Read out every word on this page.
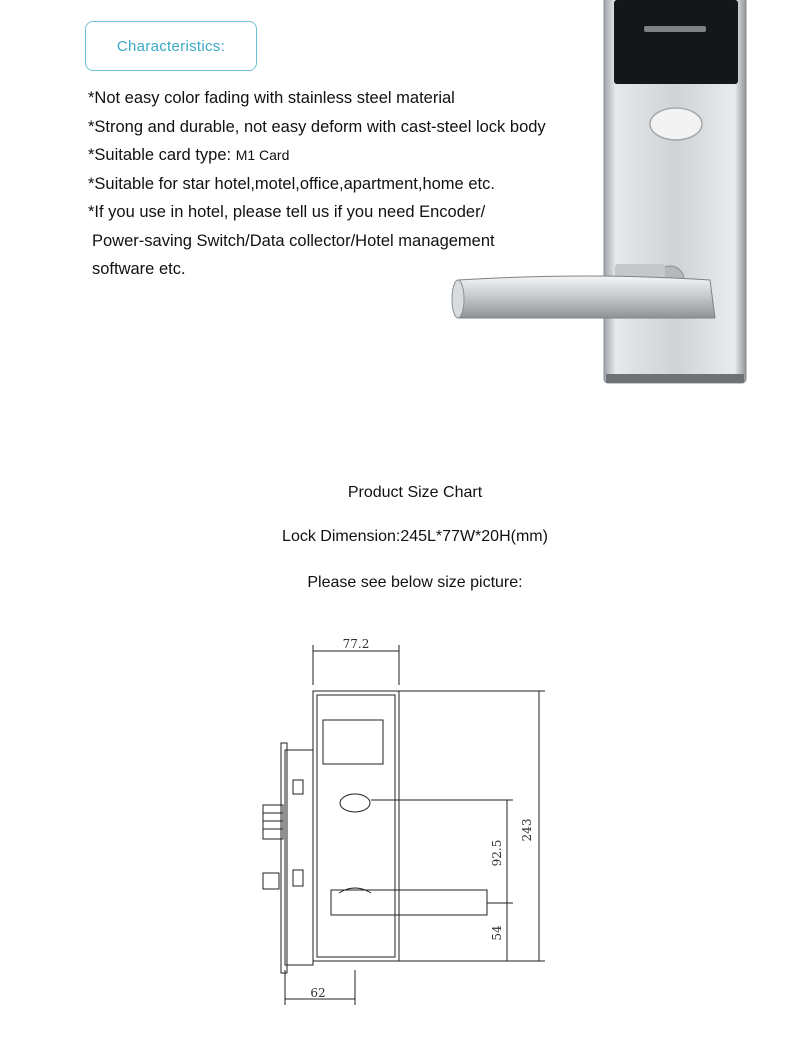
Characteristics:
*Not easy color fading with stainless steel material
*Strong and durable, not easy deform with cast-steel lock body
*Suitable card type: M1 Card
*Suitable for star hotel,motel,office,apartment,home etc.
*If you use in hotel, please tell us if you need Encoder/
Power-saving Switch/Data collector/Hotel management
software etc.
Product Size Chart
Lock Dimension:245L*77W*20H(mm)
Please see below size picture:
77.2
243
92.5
54
62
